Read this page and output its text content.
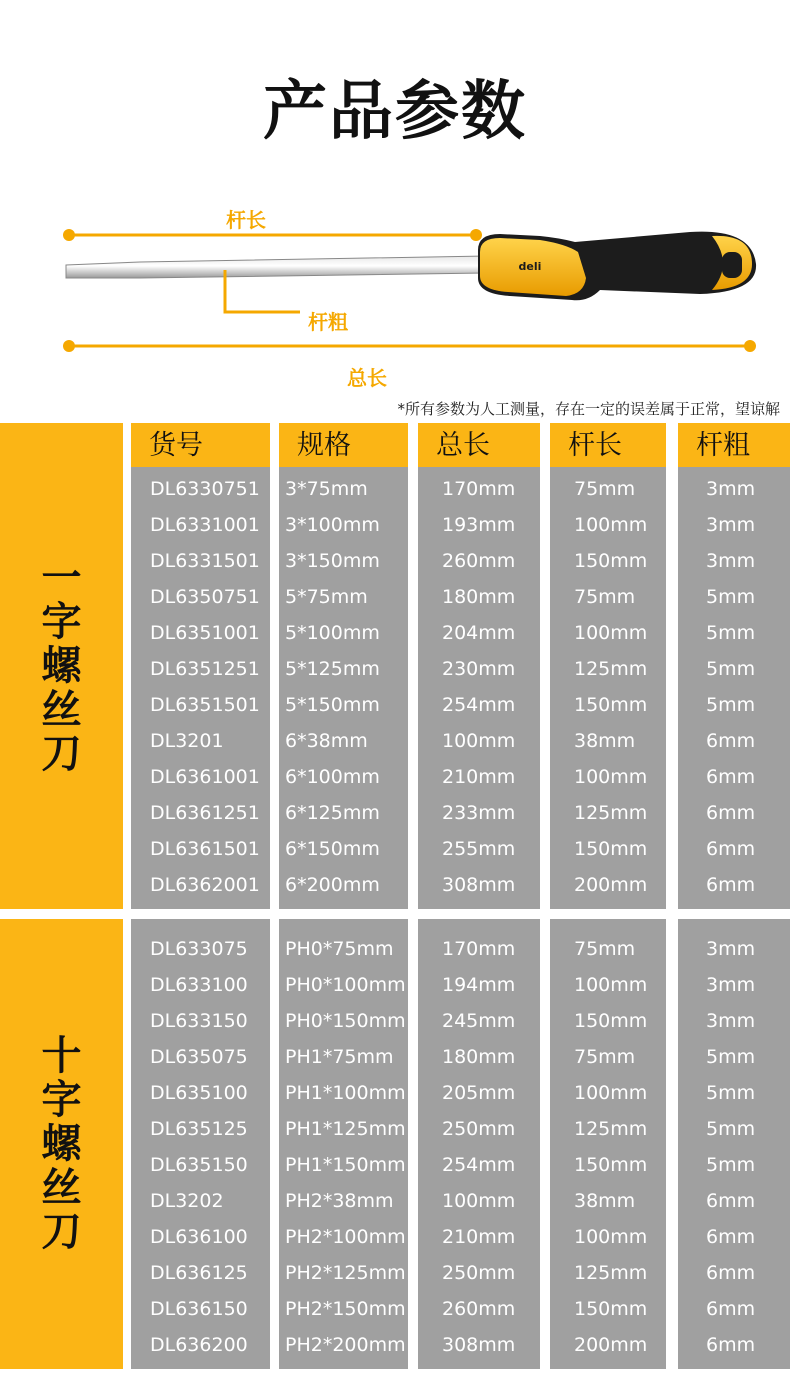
产品参数
deli
杆长
杆粗
总长
*所有参数为人工测量，存在一定的误差属于正常，望谅解
一字螺丝刀
货号
DL6330751
DL6331001
DL6331501
DL6350751
DL6351001
DL6351251
DL6351501
DL3201
DL6361001
DL6361251
DL6361501
DL6362001
规格
3*75mm
3*100mm
3*150mm
5*75mm
5*100mm
5*125mm
5*150mm
6*38mm
6*100mm
6*125mm
6*150mm
6*200mm
总长
170mm
193mm
260mm
180mm
204mm
230mm
254mm
100mm
210mm
233mm
255mm
308mm
杆长
75mm
100mm
150mm
75mm
100mm
125mm
150mm
38mm
100mm
125mm
150mm
200mm
杆粗
3mm
3mm
3mm
5mm
5mm
5mm
5mm
6mm
6mm
6mm
6mm
6mm
十字螺丝刀
DL633075
DL633100
DL633150
DL635075
DL635100
DL635125
DL635150
DL3202
DL636100
DL636125
DL636150
DL636200
PH0*75mm
PH0*100mm
PH0*150mm
PH1*75mm
PH1*100mm
PH1*125mm
PH1*150mm
PH2*38mm
PH2*100mm
PH2*125mm
PH2*150mm
PH2*200mm
170mm
194mm
245mm
180mm
205mm
250mm
254mm
100mm
210mm
250mm
260mm
308mm
75mm
100mm
150mm
75mm
100mm
125mm
150mm
38mm
100mm
125mm
150mm
200mm
3mm
3mm
3mm
5mm
5mm
5mm
5mm
6mm
6mm
6mm
6mm
6mm
